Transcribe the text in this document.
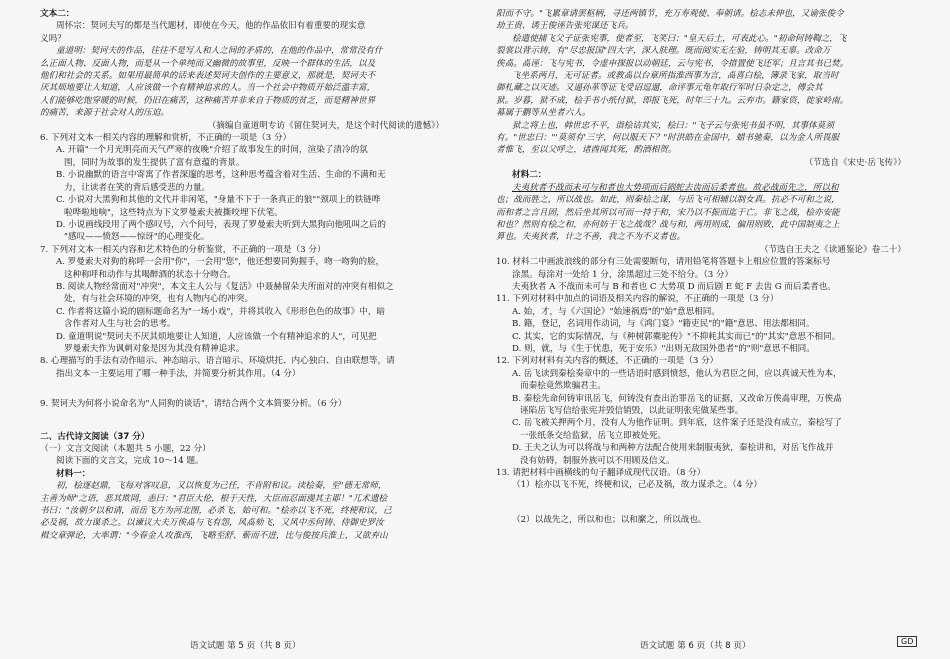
文本二：
周怀宗：契诃夫写的都是当代题材，即使在今天，他的作品依旧有着重要的现实意
义吗？
童道明：契诃夫的作品，往往不是写人和人之间的矛盾的，在他的作品中，常常没有什
么正面人物、反面人物，而是从一个单纯而又幽微的故事里，反映一个群体的生活，以及
他们和社会的关系。如果用最简单的话来表述契诃夫创作的主要意义，那就是，契诃夫不
厌其烦地要让人知道，人应该做一个有精神追求的人。当一个社会中物质开始泛滥丰富，
人们能够吃饱穿暖的时候，仍旧在痛苦，这种痛苦并非来自于物质的贫乏，而是精神世界
的痛苦，来源于社会对人的压迫。
（摘编自童道明专访《留住契诃夫，是这个时代阅读的遗憾》）
6. 下列对文本一相关内容的理解和赏析，不正确的一项是（3 分）
A. 开篇"一个月光明亮而天气严寒的夜晚"介绍了故事发生的时间，渲染了清冷的氛
围，同时为故事的发生提供了富有意蕴的背景。
B. 小说幽默的语言中寄寓了作者深邃的思考，这种思考蕴含着对生活、生命的不满和无
力，让读者在笑的背后感受悲的力量。
C. 小说对大黑狗和其他的文代并非闲笔，"身量不下于一条真正的狼""颈项上的铁链哗
啦哗啦地响"，这些特点为下文罗曼索夫被撕咬埋下伏笔。
D. 小说画线段用了两个感叹号，六个问号，表现了罗曼索夫听到大黑狗向他吼叫之后的
"感叹——愤怒——惊讶"的心理变化。
7. 下列对文本一相关内容和艺术特色的分析鉴赏，不正确的一项是（3 分）
A. 罗曼索夫对狗的称呼一会用"你"，一会用"您"，他还想要同狗握手，吻一吻狗的脸，
这种称呼和动作与其喝醉酒的状态十分吻合。
B. 阅读人物经常面对"冲突"，本文主人公与《复活》中聂赫留朵夫所面对的冲突有相似之
处，有与社会环境的冲突，也有人物内心的冲突。
C. 作者将这篇小说的剧标题命名为"一场小戏"，并将其收入《形形色色的故事》中，暗
含作者对人生与社会的思考。
D. 童道明说"契诃夫不厌其烦地要让人知道，人应该做一个有精神追求的人"，可见把
罗曼索夫作为讽刺对象是因为其没有精神追求。
8. 心理描写的手法有动作暗示、神态暗示、语言暗示、环境烘托、内心独白、自由联想等，请
指出文本一主要运用了哪一种手法，并简要分析其作用。（4 分）
9. 契诃夫为何将小说命名为"人同狗的谈话"，请结合两个文本简要分析。（6 分）
二、古代诗文阅读（37 分）
（一）文言文阅读（本题共 5 小题，22 分）
阅读下面的文言文，完成 10～14 题。
材料一：
初，桧逐赵鼎，飞每对客叹息，又以恢复为己任，不肯附和议。读桧奏，至"德无常师，
主善为师"之语，恶其欺罔，恚曰："君臣大伦，根于天性，大臣而忍面谩其主耶！"兀术遗桧
书曰："汝朝夕以和请，而岳飞方为河北图，必杀飞，始可和。"桧亦以飞不死，终梗和议，己
必及祸，故力谋杀之。以谏议大夫万俟卨与飞有怨，风卨劾飞，又风中丞何铸、侍御史罗汝
楫交章弹论，大率谓："今春金人攻淮西，飞略至舒、蕲而不进，比与俊按兵淮上，又欲弃山
语文试题 第 5 页（共 8 页）
阳而不守。"飞累章请罢枢柄，寻还两镇节，充万寿观使、奉朝请。桧志未伸也，又谕张俊令
劫王贵、诱王俊诬告张宪谋还飞兵。
桧遣使捕飞父子证张宪事，使者至，飞笑曰："皇天后土，可表此心。"初命何铸鞫之，飞
裂裳以背示铸，有"尽忠报国"四大字，深入肤理。既而阅实无左验，铸明其无辜。改命万
俟卨。卨诬：飞与宪书，令虚申探报以动朝廷，云与宪书，令措置使飞还军；且言其书已焚。
飞坐系两月，无可证者。或教卨以台章所指淮西事为言，卨喜白桧，簿录飞家，取当时
御札藏之以灭迹。又逼孙革等证飞受诏逗遛，命评事元龟年取行军时日杂定之，傅会其
狱。岁暮，狱不成，桧手书小纸付狱，即报飞死，时年三十九。云弃市。籍家资，徙家岭南。
幕属于鹏等从坐者六人。
狱之将上也，韩世忠不平，诣桧诘其实，桧曰："飞子云与张宪书虽不明，其事体莫须
有。"世忠曰："'莫须有'三字，何以服天下？"时洪皓在金国中，蜡书驰奏，以为金人所畏服
者惟飞，至以父呼之，诸酋闻其死，酌酒相贺。
（节选自《宋史·岳飞传》）
材料二：
夫夷狄者不战而未可与和者也大势项而后剧蛇去齿而后柔者也。故必战而先之，所以和
也；战而胜之，所以战也。如此，则秦桧之谋，与岳飞可相辅以制女真。抗必不可和之说，
而和者之言且固，然后坐其所以可而一持于和，宋乃以不振而迄于亡。非飞之战，桧亦安能
和也？然则有桧之和，亦何妨于飞之战哉？战与和，两用则成，偏用则败，此中国制夷之上
算也。夫夷狄者，计之不善，我之不为不义者也。
（节选自王夫之《读通鉴论》卷二十）
10. 材料二中画波浪线的部分有三处需要断句，请用铅笔将答题卡上相应位置的答案标号
涂黑。每涂对一处给 1 分，涂黑超过三处不给分。（3 分）
夫夷狄者 A 不战而未可与 B 和者也 C 大势项 D 而后剧 E 蛇 F 去齿 G 而后柔者也。
11. 下列对材料中加点的词语及相关内容的解说，不正确的一项是（3 分）
A. 始，才，与《六国论》"始速祸焉"的"始"意思相同。
B. 籍，登记，名词用作动词，与《鸿门宴》"籍吏民"的"籍"意思、用法都相同。
C. 其实，它的实际情况，与《种树郭橐驼传》"不抑耗其实而已"的"其实"意思不相同。
D. 则，就，与《生于忧患，死于安乐》"出则无敌国外患者"的"则"意思不相同。
12. 下列对材料有关内容的概述，不正确的一项是（3 分）
A. 岳飞读到秦桧奏章中的一些话语时感到愤怒，他认为君臣之间，应以真诚天性为本，
而秦桧竟然欺骗君主。
B. 秦桧先命何铸审讯岳飞，何铸没有查出治罪岳飞的证据，又改命万俟卨审理，万俟卨
诬陷岳飞写信给张宪并毁信销毁，以此证明张宪做某些事。
C. 岳飞被关押两个月，没有人为他作证明。到年底，这件案子还是没有成立，秦桧写了
一张纸条交给监狱，岳飞立即被处死。
D. 王夫之认为可以将战与和两种方法配合使用来制服夷狄，秦桧讲和，对岳飞作战并
没有妨碍，制服外族可以不用顾及信义。
13. 请把材料中画横线的句子翻译成现代汉语。（8 分）
（1）桧亦以飞不死，终梗和议，己必及祸，故力谋杀之。（4 分）
（2）以战先之，所以和也；以和縻之，所以战也。
语文试题 第 6 页（共 8 页）	GD
